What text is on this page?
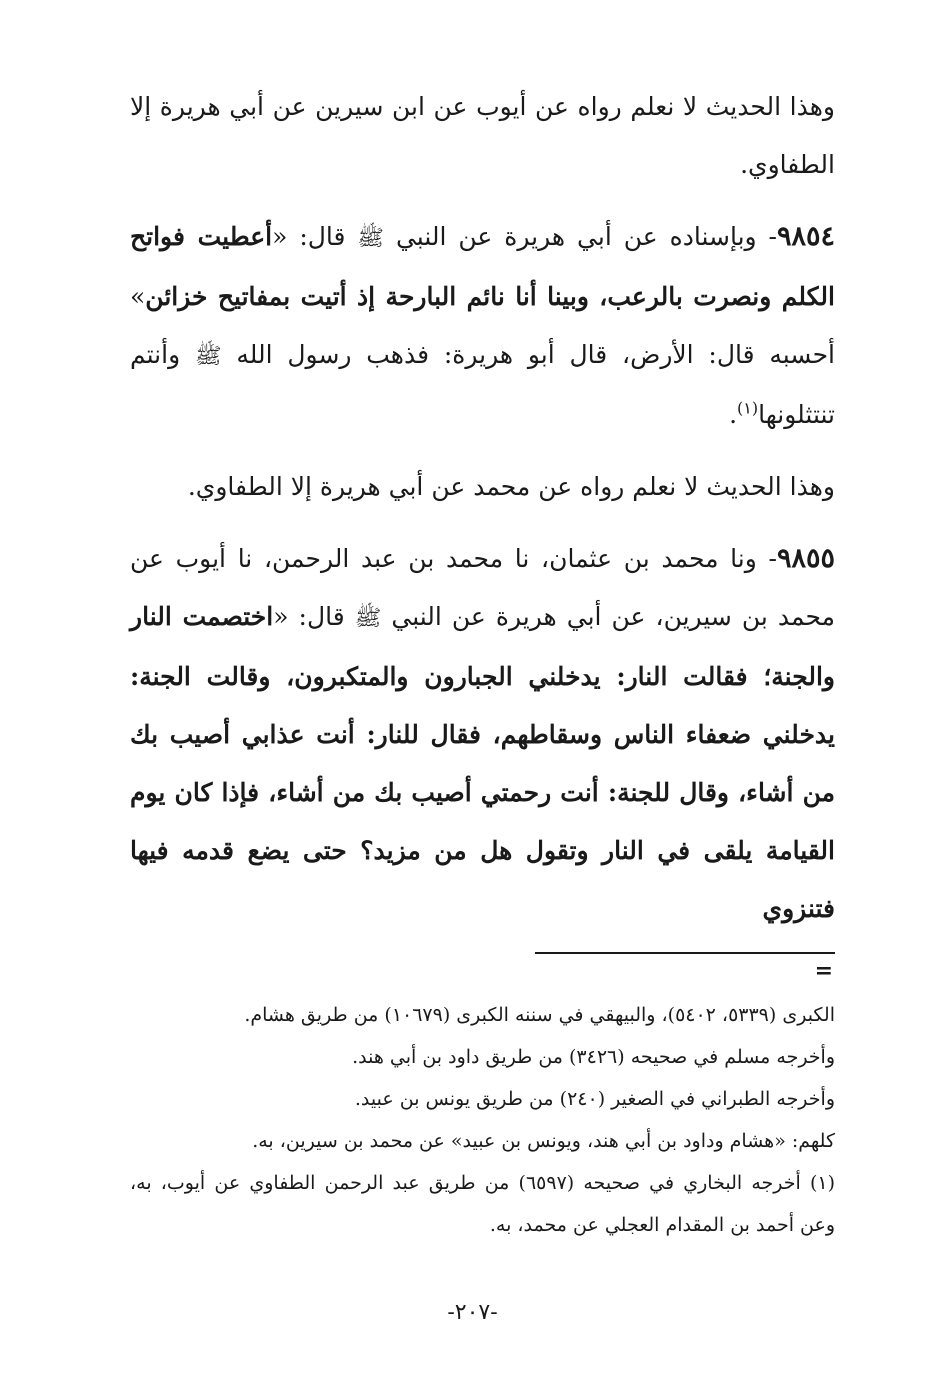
وهذا الحديث لا نعلم رواه عن أيوب عن ابن سيرين عن أبي هريرة إلا الطفاوي.

٩٨٥٤- وبإسناده عن أبي هريرة عن النبي ﷺ قال: «أعطيت فواتح الكلم ونصرت بالرعب، وبينا أنا نائم البارحة إذ أتيت بمفاتيح خزائن» أحسبه قال: الأرض، قال أبو هريرة: فذهب رسول الله ﷺ وأنتم تنتثلونها$^{(١)}$.

وهذا الحديث لا نعلم رواه عن محمد عن أبي هريرة إلا الطفاوي.

٩٨٥٥- ونا محمد بن عثمان، نا محمد بن عبد الرحمن، نا أيوب عن محمد بن سيرين، عن أبي هريرة عن النبي ﷺ قال: «اختصمت النار والجنة؛ فقالت النار: يدخلني الجبارون والمتكبرون، وقالت الجنة: يدخلني ضعفاء الناس وسقاطهم، فقال للنار: أنت عذابي أصيب بك من أشاء، وقال للجنة: أنت رحمتي أصيب بك من أشاء، فإذا كان يوم القيامة يلقى في النار وتقول هل من مزيد؟ حتى يضع قدمه فيها فتنزوي

=

الكبرى (٥٣٣٩، ٥٤٠٢)، والبيهقي في سننه الكبرى (١٠٦٧٩) من طريق هشام.

وأخرجه مسلم في صحيحه (٣٤٢٦) من طريق داود بن أبي هند.

وأخرجه الطبراني في الصغير (٢٤٠) من طريق يونس بن عبيد.

كلهم: «هشام وداود بن أبي هند، ويونس بن عبيد» عن محمد بن سيرين، به.

(١) أخرجه البخاري في صحيحه (٦٥٩٧) من طريق عبد الرحمن الطفاوي عن أيوب، به، وعن أحمد بن المقدام العجلي عن محمد، به.

-٢٠٧-
